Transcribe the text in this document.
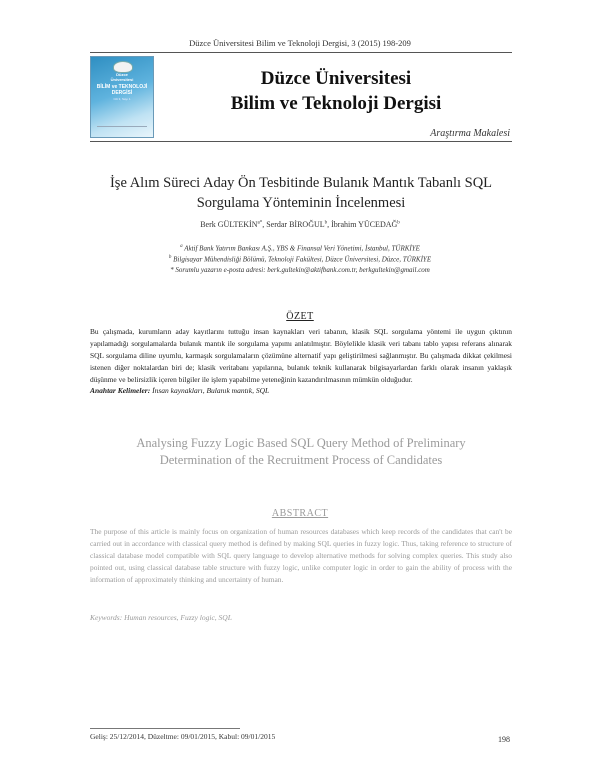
Düzce Üniversitesi Bilim ve Teknoloji Dergisi, 3 (2015) 198-209
Düzce
Üniversitesi
BİLİM ve TEKNOLOJİ
DERGİSİ
Cilt 3, Sayı 1
Düzce Üniversitesi
Bilim ve Teknoloji Dergisi
Araştırma Makalesi
İşe Alım Süreci Aday Ön Tesbitinde Bulanık Mantık Tabanlı SQL
Sorgulama Yönteminin İncelenmesi
Berk $GÜLTEKİN^{a*}$, Serdar BİROĞUL$^b$, İbrahim YÜCEDAĞ$^b$
$^a$ Aktif Bank Yatırım Bankası A.Ş., YBS & Finansal Veri Yönetimi, İstanbul, TÜRKİYE
$^b$ Bilgisayar Mühendisliği Bölümü, Teknoloji Fakültesi, Düzce Üniversitesi, Düzce, TÜRKİYE
* Sorumlu yazarın e-posta adresi: berk.gultekin@aktifbank.com.tr, berkgultekin@gmail.com
ÖZET
Bu çalışmada, kurumların aday kayıtlarını tuttuğu insan kaynakları veri tabanın, klasik SQL sorgulama yöntemi ile uygun çıktının yapılamadığı sorgulamalarda bulanık mantık ile sorgulama yapımı anlatılmıştır. Böylelikle klasik veri tabanı tablo yapısı referans alınarak SQL sorgulama diline uyumlu, karmaşık sorgulamaların çözümüne alternatif yapı geliştirilmesi sağlanmıştır. Bu çalışmada dikkat çekilmesi istenen diğer noktalardan biri de; klasik veritabanı yapılarına, bulanık teknik kullanarak bilgisayarlardan farklı olarak insanın yaklaşık düşünme ve belirsizlik içeren bilgiler ile işlem yapabilme yeteneğinin kazandırılmasının mümkün olduğudur.
Anahtar Kelimeler: İnsan kaynakları, Bulanık mantık, SQL
Analysing Fuzzy Logic Based SQL Query Method of Preliminary
Determination of the Recruitment Process of Candidates
ABSTRACT
The purpose of this article is mainly focus on organization of human resources databases which keep records of the candidates that can't be carried out in accordance with classical query method is defined by making SQL queries in fuzzy logic. Thus, taking reference to structure of classical database model compatible with SQL query language to develop alternative methods for solving complex queries. This study also pointed out, using classical database table structure with fuzzy logic, unlike computer logic in order to gain the ability of process with the information of approximately thinking and uncertainty of human.
Keywords: Human resources, Fuzzy logic, SQL
Geliş: 25/12/2014, Düzeltme: 09/01/2015, Kabul: 09/01/2015	198
